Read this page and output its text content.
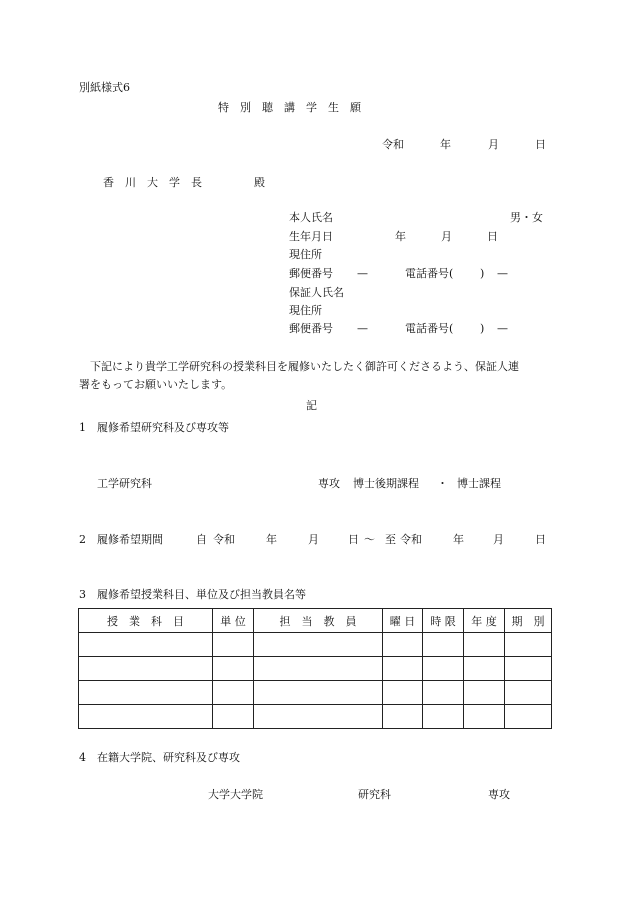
別紙様式6
特　別　聴　講　学　生　願
令和	年	月	日
香　川　大　学　長	殿
本人氏名	男・女
生年月日	年	月	日
現住所
郵便番号 —	電話番号( ) —
保証人氏名
現住所
郵便番号 —	電話番号( ) —
下記により貴学工学研究科の授業科目を履修いたしたく御許可くださるよう、保証人連
署をもってお願いいたします。
記
1　履修希望研究科及び専攻等
工学研究科	専攻 博士後期課程 ・ 博士課程
2　履修希望期間	自 令和	年	月	日 ～ 至 令和	年	月	日
3　履修希望授業科目、単位及び担当教員名等
授　業　科　目	単 位	担　当　教　員	曜 日	時 限	年 度	期　別

4　在籍大学院、研究科及び専攻
大学大学院	研究科	専攻
